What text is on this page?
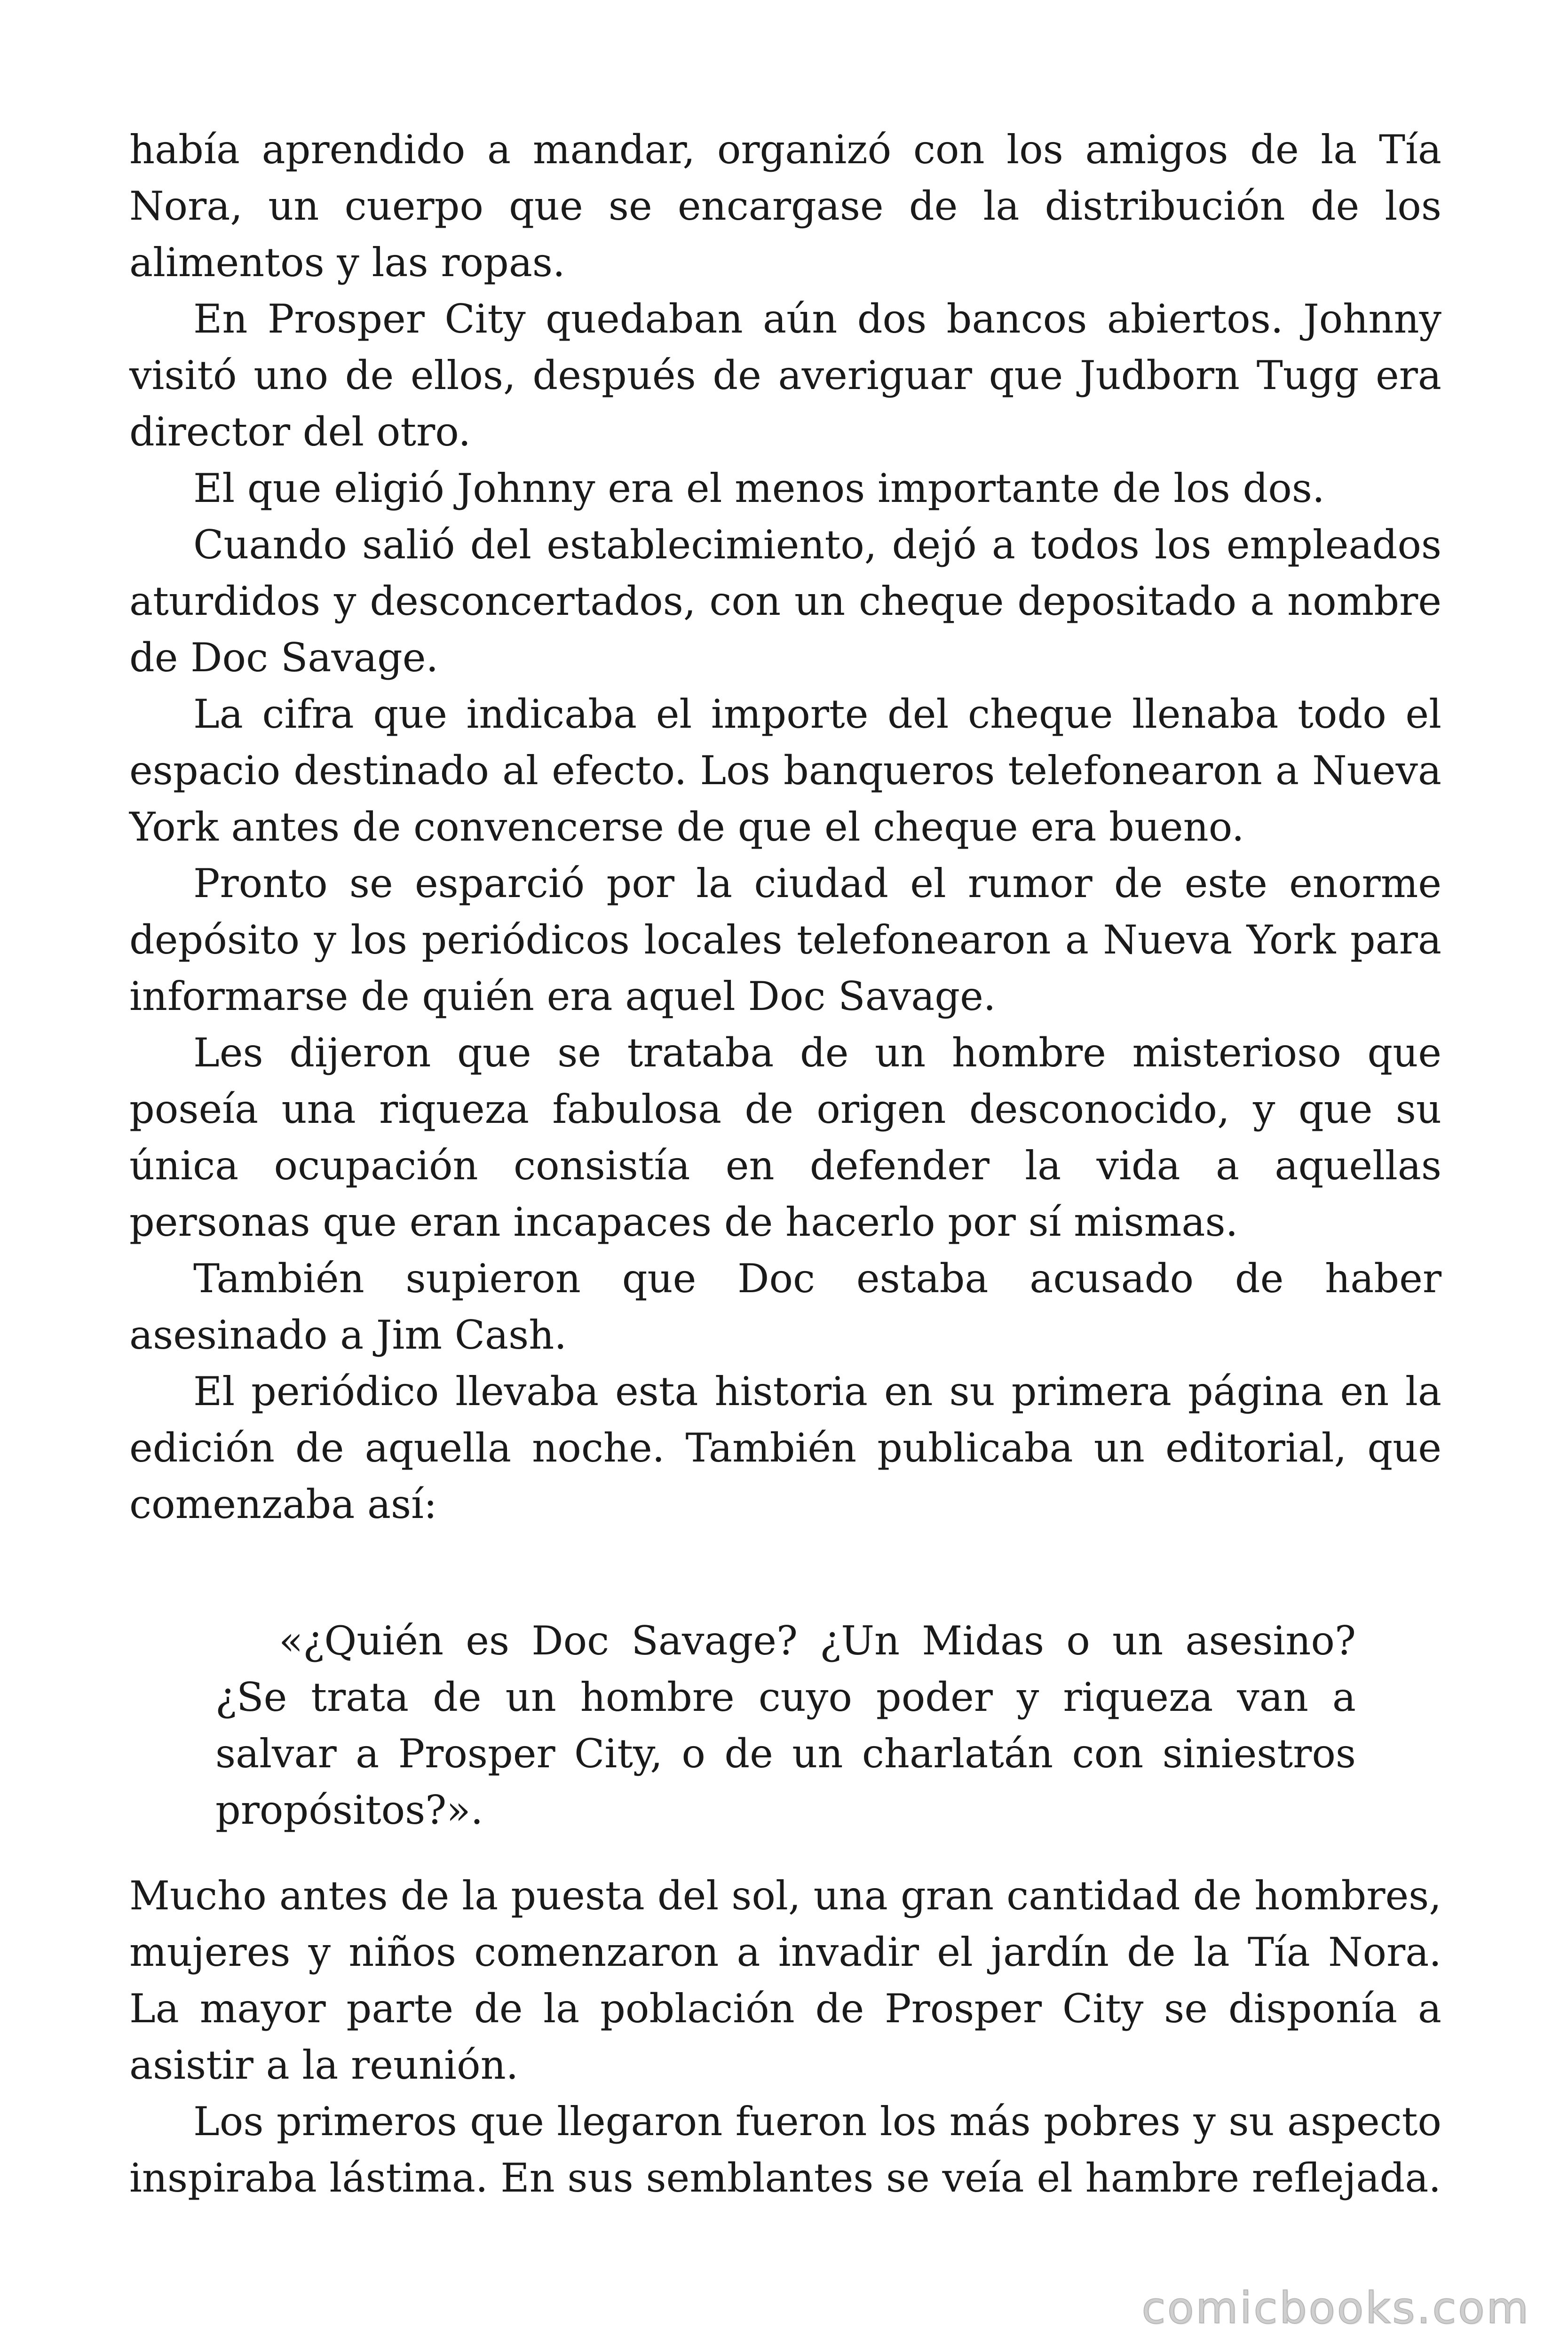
había aprendido a mandar, organizó con los amigos de la Tía Nora, un cuerpo que se encargase de la distribución de los alimentos y las ropas.

En Prosper City quedaban aún dos bancos abiertos. Johnny visitó uno de ellos, después de averiguar que Judborn Tugg era director del otro.

El que eligió Johnny era el menos importante de los dos.

Cuando salió del establecimiento, dejó a todos los empleados aturdidos y desconcertados, con un cheque depositado a nombre de Doc Savage.

La cifra que indicaba el importe del cheque llenaba todo el espacio destinado al efecto. Los banqueros telefonearon a Nueva York antes de convencerse de que el cheque era bueno.

Pronto se esparció por la ciudad el rumor de este enorme depósito y los periódicos locales telefonearon a Nueva York para informarse de quién era aquel Doc Savage.

Les dijeron que se trataba de un hombre misterioso que poseía una riqueza fabulosa de origen desconocido, y que su única ocupación consistía en defender la vida a aquellas personas que eran incapaces de hacerlo por sí mismas.

También supieron que Doc estaba acusado de haber asesinado a Jim Cash.

El periódico llevaba esta historia en su primera página en la edición de aquella noche. También publicaba un editorial, que comenzaba así:

«¿Quién es Doc Savage? ¿Un Midas o un asesino? ¿Se trata de un hombre cuyo poder y riqueza van a salvar a Prosper City, o de un charlatán con siniestros propósitos?».

Mucho antes de la puesta del sol, una gran cantidad de hombres, mujeres y niños comenzaron a invadir el jardín de la Tía Nora. La mayor parte de la población de Prosper City se disponía a asistir a la reunión.

Los primeros que llegaron fueron los más pobres y su aspecto inspiraba lástima. En sus semblantes se veía el hambre reflejada.

comicbooks.com
